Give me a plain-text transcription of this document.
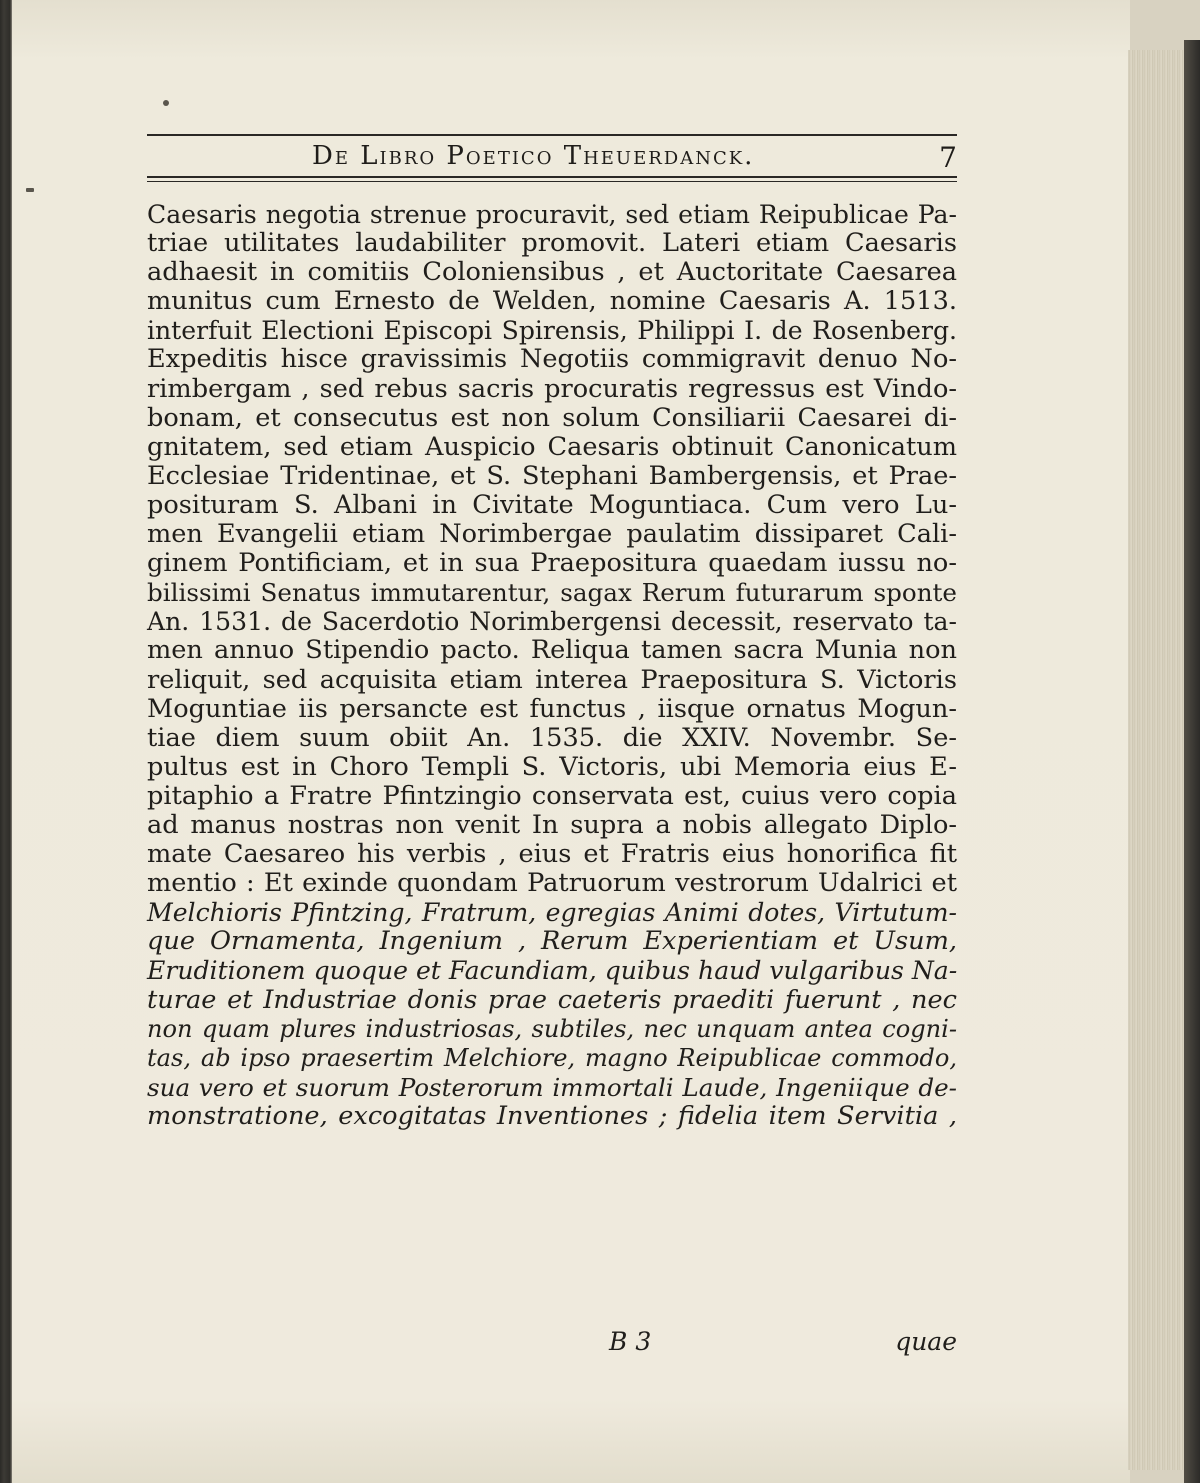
De Libro Poetico Theuerdanck.	7
Caesaris negotia strenue procuravit, sed etiam Reipublicae Pa-
triae utilitates laudabiliter promovit. Lateri etiam Caesaris
adhaesit in comitiis Coloniensibus , et Auctoritate Caesarea
munitus cum Ernesto de Welden, nomine Caesaris A. 1513.
interfuit Electioni Episcopi Spirensis, Philippi I. de Rosenberg.
Expeditis hisce gravissimis Negotiis commigravit denuo No-
rimbergam , sed rebus sacris procuratis regressus est Vindo-
bonam, et consecutus est non solum Consiliarii Caesarei di-
gnitatem, sed etiam Auspicio Caesaris obtinuit Canonicatum
Ecclesiae Tridentinae, et S. Stephani Bambergensis, et Prae-
posituram S. Albani in Civitate Moguntiaca. Cum vero Lu-
men Evangelii etiam Norimbergae paulatim dissiparet Cali-
ginem Pontificiam, et in sua Praepositura quaedam iussu no-
bilissimi Senatus immutarentur, sagax Rerum futurarum sponte
An. 1531. de Sacerdotio Norimbergensi decessit, reservato ta-
men annuo Stipendio pacto. Reliqua tamen sacra Munia non
reliquit, sed acquisita etiam interea Praepositura S. Victoris
Moguntiae iis persancte est functus , iisque ornatus Mogun-
tiae diem suum obiit An. 1535. die XXIV. Novembr. Se-
pultus est in Choro Templi S. Victoris, ubi Memoria eius E-
pitaphio a Fratre Pfintzingio conservata est, cuius vero copia
ad manus nostras non venit In supra a nobis allegato Diplo-
mate Caesareo his verbis , eius et Fratris eius honorifica fit
mentio : Et exinde quondam Patruorum vestrorum Udalrici et
Melchioris Pfintzing, Fratrum, egregias Animi dotes, Virtutum-
que Ornamenta, Ingenium , Rerum Experientiam et Usum,
Eruditionem quoque et Facundiam, quibus haud vulgaribus Na-
turae et Industriae donis prae caeteris praediti fuerunt , nec
non quam plures industriosas, subtiles, nec unquam antea cogni-
tas, ab ipso praesertim Melchiore, magno Reipublicae commodo,
sua vero et suorum Posterorum immortali Laude, Ingeniique de-
monstratione, excogitatas Inventiones ; fidelia item Servitia ,
B 3	quae
